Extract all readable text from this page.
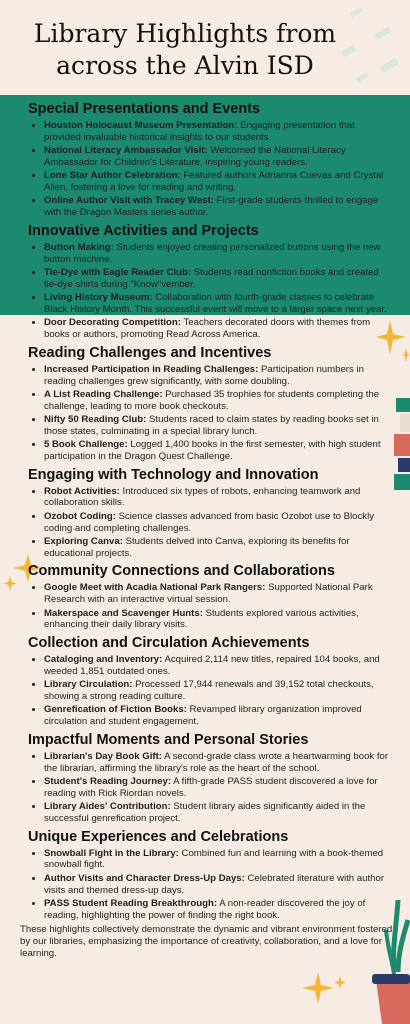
Library Highlights from across the Alvin ISD
Special Presentations and Events
• Houston Holocaust Museum Presentation: Engaging presentation that provided invaluable historical insights to our students.
• National Literacy Ambassador Visit: Welcomed the National Literacy Ambassador for Children's Literature, inspiring young readers.
• Lone Star Author Celebration: Featured authors Adrianna Cuevas and Crystal Allen, fostering a love for reading and writing.
• Online Author Visit with Tracey West: First-grade students thrilled to engage with the Dragon Masters series author.
Innovative Activities and Projects
• Button Making: Students enjoyed creating personalized buttons using the new button machine.
• Tie-Dye with Eagle Reader Club: Students read nonfiction books and created tie-dye shirts during "Know"vember.
• Living History Museum: Collaboration with fourth-grade classes to celebrate Black History Month. This successful event will move to a larger space next year.
• Door Decorating Competition: Teachers decorated doors with themes from books or authors, promoting Read Across America.
Reading Challenges and Incentives
• Increased Participation in Reading Challenges: Participation numbers in reading challenges grew significantly, with some doubling.
• A List Reading Challenge: Purchased 35 trophies for students completing the challenge, leading to more book checkouts.
• Nifty 50 Reading Club: Students raced to claim states by reading books set in those states, culminating in a special library lunch.
• 5 Book Challenge: Logged 1,400 books in the first semester, with high student participation in the Dragon Quest Challenge.
Engaging with Technology and Innovation
• Robot Activities: Introduced six types of robots, enhancing teamwork and collaboration skills.
• Ozobot Coding: Science classes advanced from basic Ozobot use to Blockly coding and completing challenges.
• Exploring Canva: Students delved into Canva, exploring its benefits for educational projects.
Community Connections and Collaborations
• Google Meet with Acadia National Park Rangers: Supported National Park Research with an interactive virtual session.
• Makerspace and Scavenger Hunts: Students explored various activities, enhancing their daily library visits.
Collection and Circulation Achievements
• Cataloging and Inventory: Acquired 2,114 new titles, repaired 104 books, and weeded 1,851 outdated ones.
• Library Circulation: Processed 17,944 renewals and 39,152 total checkouts, showing a strong reading culture.
• Genrefication of Fiction Books: Revamped library organization improved circulation and student engagement.
Impactful Moments and Personal Stories
• Librarian's Day Book Gift: A second-grade class wrote a heartwarming book for the librarian, affirming the library's role as the heart of the school.
• Student's Reading Journey: A fifth-grade PASS student discovered a love for reading with Rick Riordan novels.
• Library Aides' Contribution: Student library aides significantly aided in the successful genrefication project.
Unique Experiences and Celebrations
• Snowball Fight in the Library: Combined fun and learning with a book-themed snowball fight.
• Author Visits and Character Dress-Up Days: Celebrated literature with author visits and themed dress-up days.
• PASS Student Reading Breakthrough: A non-reader discovered the joy of reading, highlighting the power of finding the right book.

These highlights collectively demonstrate the dynamic and vibrant environment fostered by our libraries, emphasizing the importance of creativity, collaboration, and a love for learning.
